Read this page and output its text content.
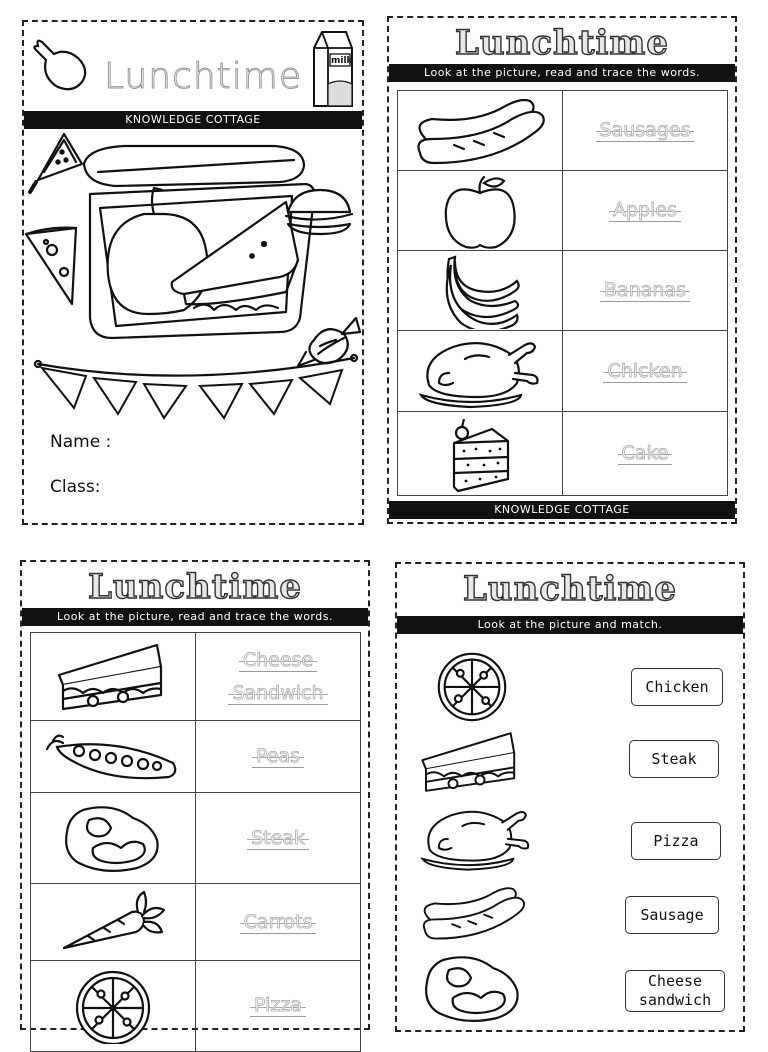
Lunchtime	milk
KNOWLEDGE COTTAGE
Name :
Class:
Lunchtime
Look at the picture, read and trace the words.
	Sausages

	Apples

	Bananas

	Chicken

	Cake
KNOWLEDGE COTTAGE
Lunchtime
Look at the picture, read and trace the words.
	Cheese
Sandwich

	Peas

	Steak

	Carrots

	Pizza
Lunchtime
Look at the picture and match.
Chicken
Steak
Pizza
Sausage
Cheese
sandwich
